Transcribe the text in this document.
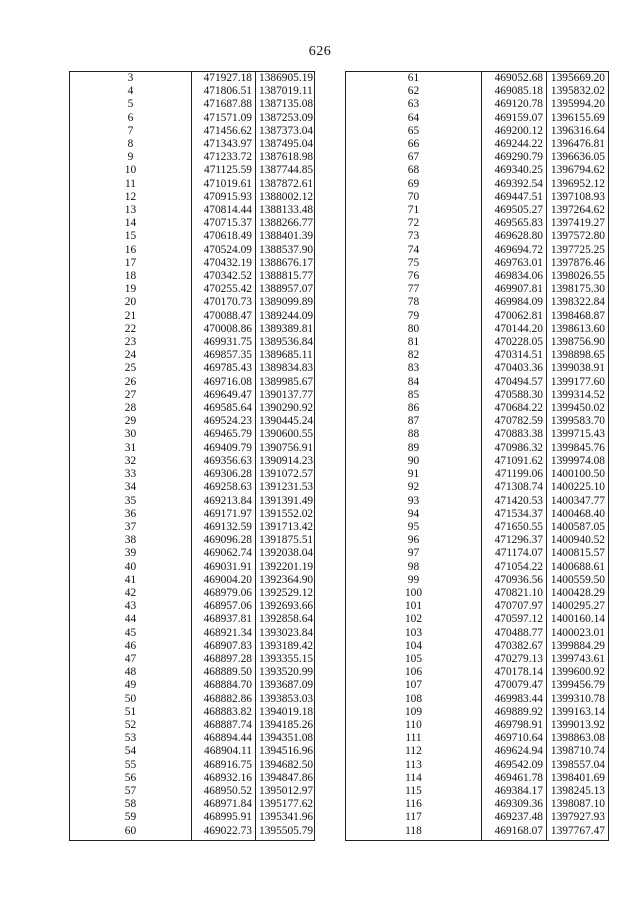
626
3	471927.18	1386905.19
4	471806.51	1387019.11
5	471687.88	1387135.08
6	471571.09	1387253.09
7	471456.62	1387373.04
8	471343.97	1387495.04
9	471233.72	1387618.98
10	471125.59	1387744.85
11	471019.61	1387872.61
12	470915.93	1388002.12
13	470814.44	1388133.48
14	470715.37	1388266.77
15	470618.49	1388401.39
16	470524.09	1388537.90
17	470432.19	1388676.17
18	470342.52	1388815.77
19	470255.42	1388957.07
20	470170.73	1389099.89
21	470088.47	1389244.09
22	470008.86	1389389.81
23	469931.75	1389536.84
24	469857.35	1389685.11
25	469785.43	1389834.83
26	469716.08	1389985.67
27	469649.47	1390137.77
28	469585.64	1390290.92
29	469524.23	1390445.24
30	469465.79	1390600.55
31	469409.79	1390756.91
32	469356.63	1390914.23
33	469306.28	1391072.57
34	469258.63	1391231.53
35	469213.84	1391391.49
36	469171.97	1391552.02
37	469132.59	1391713.42
38	469096.28	1391875.51
39	469062.74	1392038.04
40	469031.91	1392201.19
41	469004.20	1392364.90
42	468979.06	1392529.12
43	468957.06	1392693.66
44	468937.81	1392858.64
45	468921.34	1393023.84
46	468907.83	1393189.42
47	468897.28	1393355.15
48	468889.50	1393520.99
49	468884.70	1393687.09
50	468882.86	1393853.03
51	468883.82	1394019.18
52	468887.74	1394185.26
53	468894.44	1394351.08
54	468904.11	1394516.96
55	468916.75	1394682.50
56	468932.16	1394847.86
57	468950.52	1395012.97
58	468971.84	1395177.62
59	468995.91	1395341.96
60	469022.73	1395505.79
61	469052.68	1395669.20
62	469085.18	1395832.02
63	469120.78	1395994.20
64	469159.07	1396155.69
65	469200.12	1396316.64
66	469244.22	1396476.81
67	469290.79	1396636.05
68	469340.25	1396794.62
69	469392.54	1396952.12
70	469447.51	1397108.93
71	469505.27	1397264.62
72	469565.83	1397419.27
73	469628.80	1397572.80
74	469694.72	1397725.25
75	469763.01	1397876.46
76	469834.06	1398026.55
77	469907.81	1398175.30
78	469984.09	1398322.84
79	470062.81	1398468.87
80	470144.20	1398613.60
81	470228.05	1398756.90
82	470314.51	1398898.65
83	470403.36	1399038.91
84	470494.57	1399177.60
85	470588.30	1399314.52
86	470684.22	1399450.02
87	470782.59	1399583.70
88	470883.38	1399715.43
89	470986.32	1399845.76
90	471091.62	1399974.08
91	471199.06	1400100.50
92	471308.74	1400225.10
93	471420.53	1400347.77
94	471534.37	1400468.40
95	471650.55	1400587.05
96	471296.37	1400940.52
97	471174.07	1400815.57
98	471054.22	1400688.61
99	470936.56	1400559.50
100	470821.10	1400428.29
101	470707.97	1400295.27
102	470597.12	1400160.14
103	470488.77	1400023.01
104	470382.67	1399884.29
105	470279.13	1399743.61
106	470178.14	1399600.92
107	470079.47	1399456.79
108	469983.44	1399310.78
109	469889.92	1399163.14
110	469798.91	1399013.92
111	469710.64	1398863.08
112	469624.94	1398710.74
113	469542.09	1398557.04
114	469461.78	1398401.69
115	469384.17	1398245.13
116	469309.36	1398087.10
117	469237.48	1397927.93
118	469168.07	1397767.47
